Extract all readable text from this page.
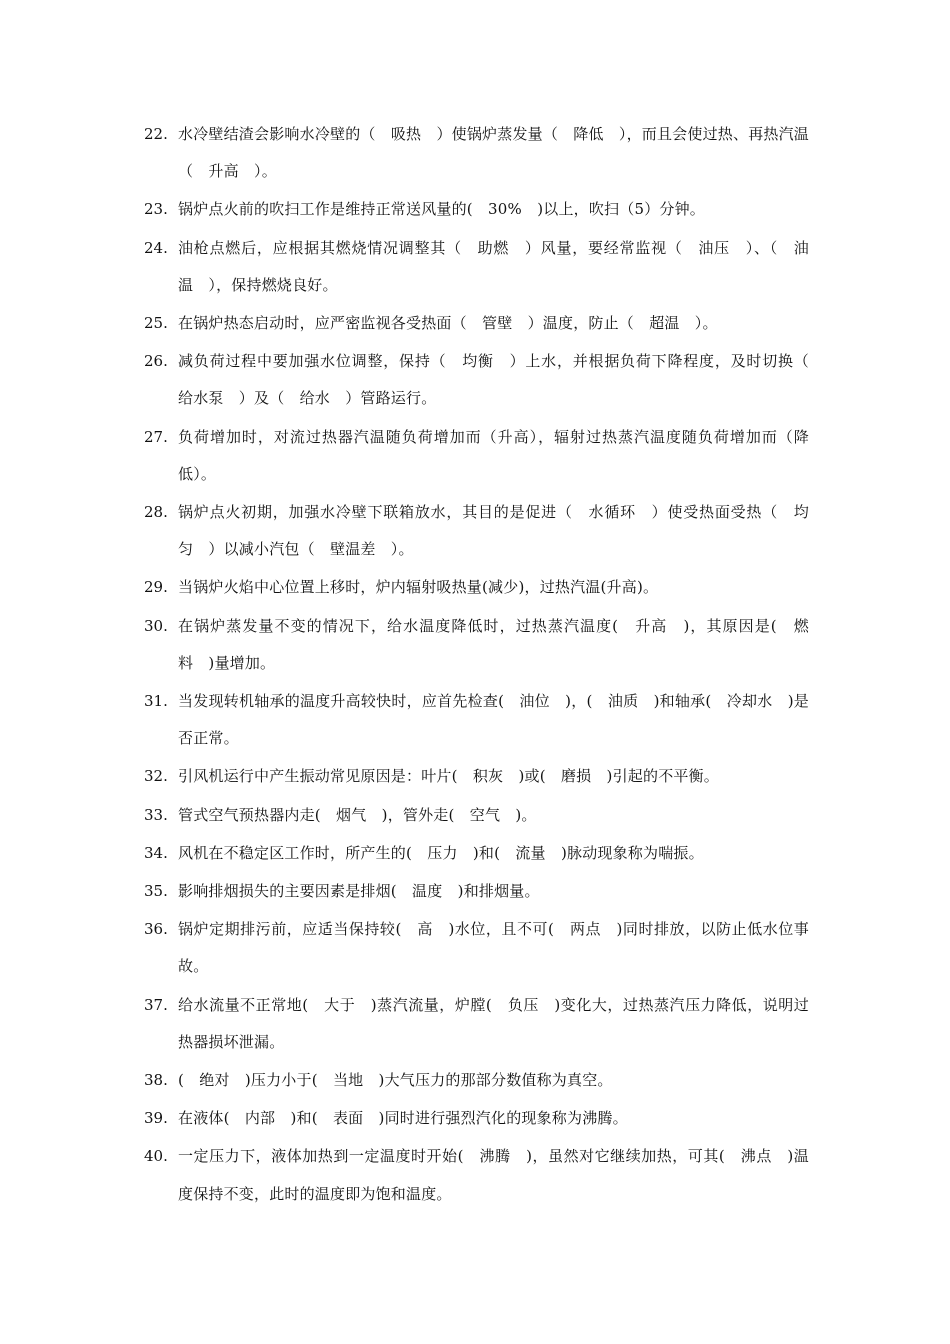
22. 水冷壁结渣会影响水冷壁的（　吸热　）使锅炉蒸发量（　降低　），而且会使过热、再热汽温（　升高　）。
23. 锅炉点火前的吹扫工作是维持正常送风量的(　30%　)以上，吹扫（5）分钟。
24. 油枪点燃后，应根据其燃烧情况调整其（　助燃　）风量，要经常监视（　油压　）、（　油温　），保持燃烧良好。
25. 在锅炉热态启动时，应严密监视各受热面（　管壁　）温度，防止（　超温　）。
26. 减负荷过程中要加强水位调整，保持（　均衡　）上水，并根据负荷下降程度，及时切换（　给水泵　）及（　给水　）管路运行。
27. 负荷增加时，对流过热器汽温随负荷增加而（升高），辐射过热蒸汽温度随负荷增加而（降低）。
28. 锅炉点火初期，加强水冷壁下联箱放水，其目的是促进（　水循环　）使受热面受热（　均匀　）以减小汽包（　壁温差　）。
29. 当锅炉火焰中心位置上移时，炉内辐射吸热量(减少)，过热汽温(升高)。
30. 在锅炉蒸发量不变的情况下，给水温度降低时，过热蒸汽温度(　升高　)，其原因是(　燃料　)量增加。
31. 当发现转机轴承的温度升高较快时，应首先检查(　油位　)，(　油质　)和轴承(　冷却水　)是否正常。
32. 引风机运行中产生振动常见原因是：叶片(　积灰　)或(　磨损　)引起的不平衡。
33. 管式空气预热器内走(　烟气　)，管外走(　空气　)。
34. 风机在不稳定区工作时，所产生的(　压力　)和(　流量　)脉动现象称为喘振。
35. 影响排烟损失的主要因素是排烟(　温度　)和排烟量。
36. 锅炉定期排污前，应适当保持较(　高　)水位，且不可(　两点　)同时排放，以防止低水位事故。
37. 给水流量不正常地(　大于　)蒸汽流量，炉膛(　负压　)变化大，过热蒸汽压力降低，说明过热器损坏泄漏。
38. (　绝对　)压力小于(　当地　)大气压力的那部分数值称为真空。
39. 在液体(　内部　)和(　表面　)同时进行强烈汽化的现象称为沸腾。
40. 一定压力下，液体加热到一定温度时开始(　沸腾　)，虽然对它继续加热，可其(　沸点　)温度保持不变，此时的温度即为饱和温度。
